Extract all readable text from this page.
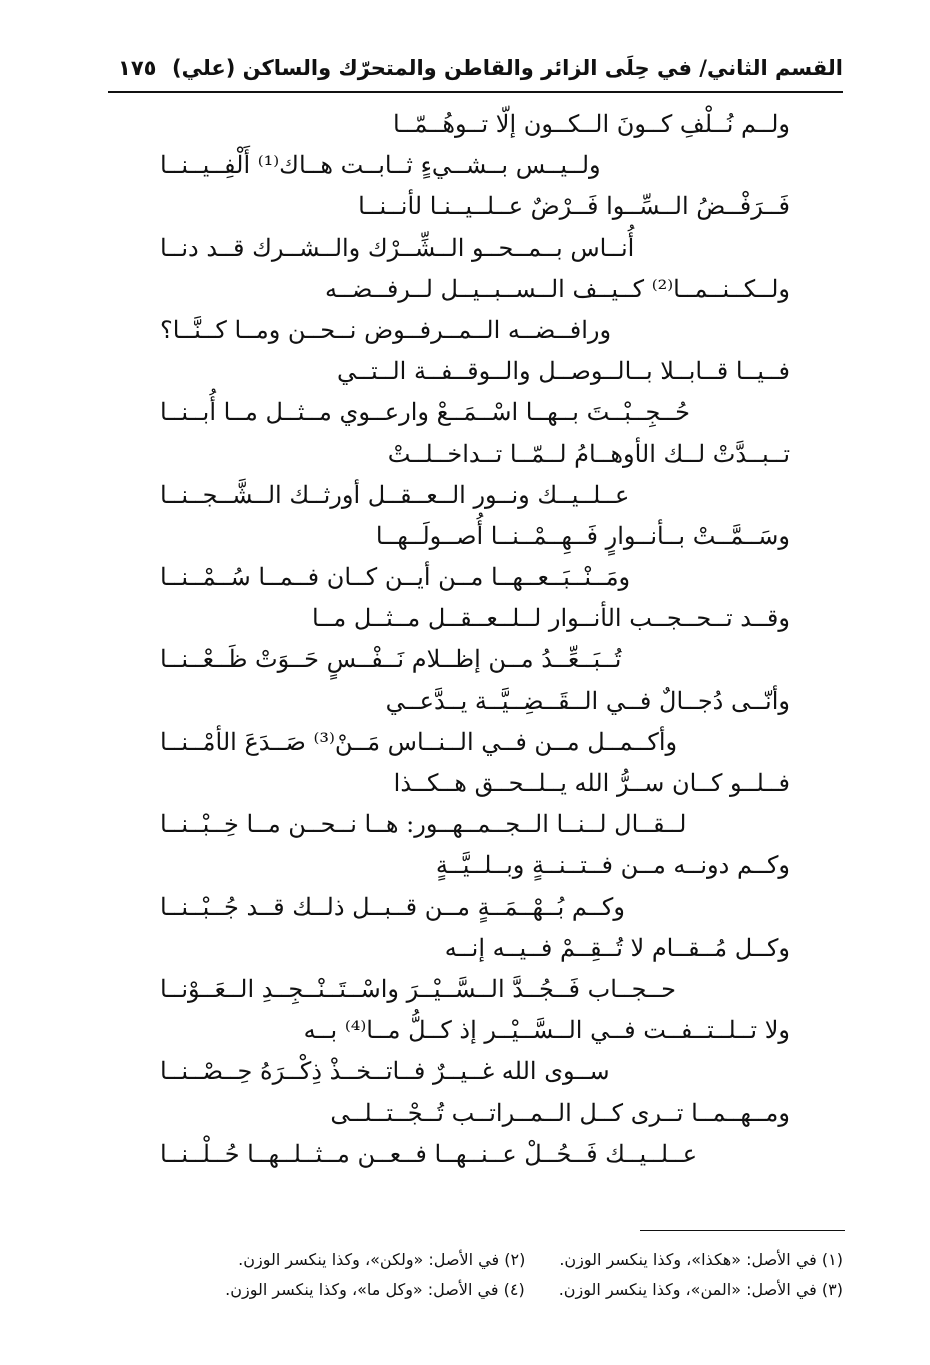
القسم الثاني/ في حِلَى الزائر والقاطن والمتحرّك والساكن (علي)
١٧٥
ولــم نُــلْفِ كــونَ الــكــون إلّا تــوهُــمّــا
ولــيــس بــشــيءٍ ثــابــت هــاك⁽¹⁾ أَلْفِــيــنــا
فَــرَفْــضُ الــسِّــوا فَــرْضٌ عــلــيــنـا لأنــنــا
أُنــاس بــمــحــو الــشِّــرْك والــشــرك قــد دنــا
ولــكــنــمــا⁽²⁾ كــيــف الــســبــيــل لــرفــضــه
ورافــضــه الــمــرفــوض نــحــن ومــا كــنَّــا؟
فــيــا قــابــلا بــالــوصــل والــوقــفــة الــتــي
حُــجِــبْــتَ بــهــا اسْــمَــعْ وارعــوي مــثــل مــا أُبــنــا
تــبــدَّتْ لــك الأوهــامُ لــمّــا تــداخــلــتْ
عــلــيــك ونــور الــعــقــل أورثــك الــشَّــجــنــا
وسَــمَّــتْ بــأنــوارٍ فَــهِــمْــنــا أُصــولَــهــا
ومَــنْــبَــعــهــا مــن أيــن كــان فــمــا سُــمْــنــا
وقــد تــحــجــب الأنــوار لــلــعــقــل مــثــل مــا
تُــبَــعِّــدُ مــن إظــلام نَــفْــسٍ حَــوَتْ ظَــعْــنــا
وأنّــى دُجــالٌ فــي الــقَــضِــيَّــة يــدَّعــي
وأكــمــل مــن فــي الــنــاس مَــنْ⁽³⁾ صَــدَعَ الأمْــنــا
فــلــو كــان ســرُّ الله يــلــحــق هــكــذا
لــقــال لــنــا الــجــمــهــور: هــا نــحــن مــا خِــبْــنــا
وكــم دونــه مــن فــتــنــةٍ وبــلــيَّــةٍ
وكــم بُــهْــمَــةٍ مــن قــبــل ذلــك قــد جُــبْــنــا
وكــل مُــقــام لا تُــقِــمْ فــيــه إنــه
حــجــاب فَــجُــدَّ الــسَّــيْــرَ واسْــتَــنْــجِــدِ الــعَــوْنــا
ولا تــلــتــفــت فــي الــسَّــيْــر إذ كــلُّ مــا⁽⁴⁾ بــه
ســوى الله غــيــرٌ فــاتــخــذْ ذِكْــرَهُ حِــصْــنــا
ومــهــمــا تــرى كــل الــمــراتــب تُــجْــتــلــى
عــلــيــك فَــحُــلْ عــنــهــا فــعــن مــثــلــهــا حُــلْــنــا
(١) في الأصل: «هكذا»، وكذا ينكسر الوزن.
(٢) في الأصل: «ولكن»، وكذا ينكسر الوزن.
(٣) في الأصل: «المن»، وكذا ينكسر الوزن.
(٤) في الأصل: «وكل ما»، وكذا ينكسر الوزن.
